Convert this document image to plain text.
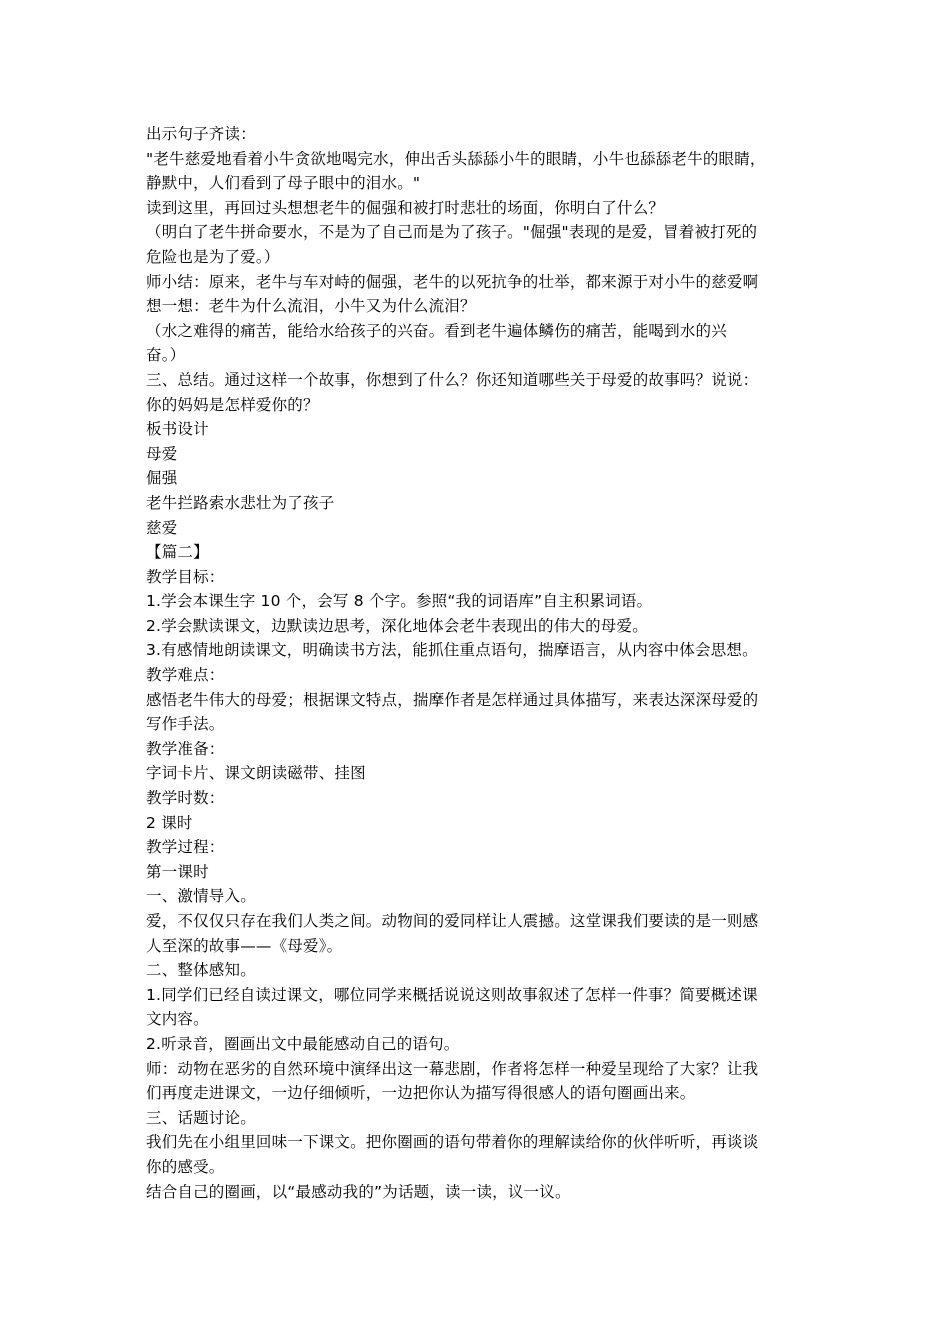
出示句子齐读：
"老牛慈爱地看着小牛贪欲地喝完水，伸出舌头舔舔小牛的眼睛，小牛也舔舔老牛的眼睛，
静默中，人们看到了母子眼中的泪水。"
读到这里，再回过头想想老牛的倔强和被打时悲壮的场面，你明白了什么？
（明白了老牛拼命要水，不是为了自己而是为了孩子。"倔强"表现的是爱，冒着被打死的
危险也是为了爱。）
师小结：原来，老牛与车对峙的倔强，老牛的以死抗争的壮举，都来源于对小牛的慈爱啊
想一想：老牛为什么流泪，小牛又为什么流泪？
（水之难得的痛苦，能给水给孩子的兴奋。看到老牛遍体鳞伤的痛苦，能喝到水的兴
奋。）
三、总结。通过这样一个故事，你想到了什么？你还知道哪些关于母爱的故事吗？说说：
你的妈妈是怎样爱你的？
板书设计
母爱
倔强
老牛拦路索水悲壮为了孩子
慈爱
【篇二】
教学目标：
1.学会本课生字 10 个，会写 8 个字。参照“我的词语库”自主积累词语。
2.学会默读课文，边默读边思考，深化地体会老牛表现出的伟大的母爱。
3.有感情地朗读课文，明确读书方法，能抓住重点语句，揣摩语言，从内容中体会思想。
教学难点：
感悟老牛伟大的母爱；根据课文特点，揣摩作者是怎样通过具体描写，来表达深深母爱的
写作手法。
教学准备：
字词卡片、课文朗读磁带、挂图
教学时数：
2 课时
教学过程：
第一课时
一、激情导入。
爱，不仅仅只存在我们人类之间。动物间的爱同样让人震撼。这堂课我们要读的是一则感
人至深的故事——《母爱》。
二、整体感知。
1.同学们已经自读过课文，哪位同学来概括说说这则故事叙述了怎样一件事？简要概述课
文内容。
2.听录音，圈画出文中最能感动自己的语句。
师：动物在恶劣的自然环境中演绎出这一幕悲剧，作者将怎样一种爱呈现给了大家？让我
们再度走进课文，一边仔细倾听，一边把你认为描写得很感人的语句圈画出来。
三、话题讨论。
我们先在小组里回味一下课文。把你圈画的语句带着你的理解读给你的伙伴听听，再谈谈
你的感受。
结合自己的圈画，以“最感动我的”为话题，读一读，议一议。
